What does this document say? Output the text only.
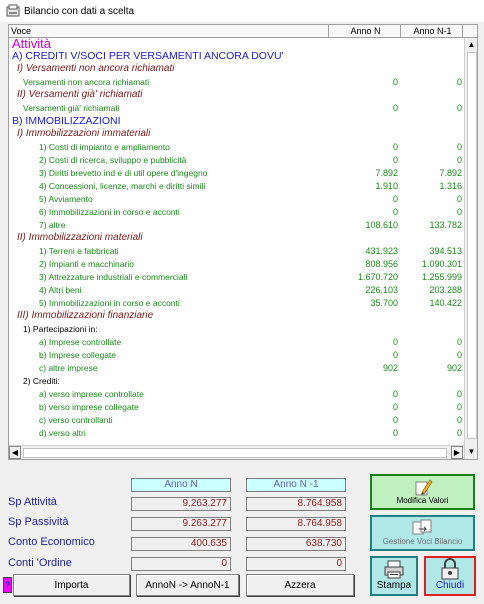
Bilancio con dati a scelta
Voce	Anno N	Anno N-1
Attività
A) CREDITI V/SOCI PER VERSAMENTI ANCORA DOVU'
I) Versamenti non ancora richiamati
Versamenti non ancora richiamati	0	0
II) Versamenti già' richiamati
Versamenti già' richiamati	0	0
B) IMMOBILIZZAZIONI
I) Immobilizzazioni immateriali
1) Costi di impianto e ampliamento	0	0
2) Costi di ricerca, sviluppo e pubblicità	0	0
3) Diritti brevetto ind e di util opere d'ingegno	7.892	7.892
4) Concessioni, licenze, marchi e diritti simili	1.910	1.316
5) Avviamento	0	0
6) Immobilizzazioni in corso e acconti	0	0
7) altre	108.610	133.782
II) Immobilizzazioni materiali
1) Terreni e fabbricati	431.923	394.513
2) Impianti e macchinario	808.956	1.090.301
3) Attrezzature industriali e commerciali	1.670.720	1.255.999
4) Altri beni	226.103	203.288
5) Immobilizzazioni in corso e acconti	35.700	140.422
III) Immobilizzazioni finanziarie
1) Partecipazioni in:
a) Imprese controllate	0	0
b) Imprese collegate	0	0
c) altre imprese	902	902
2) Crediti:
a) verso imprese controllate	0	0
b) verso imprese collegate	0	0
c) verso controllanti	0	0
d) verso altri	0	0
▲
▼
◀	▶
Anno N	Anno N -1
Sp Attività	9.263.277	8.764.958
Sp Passività	9.263.277	8.764.958
Conto Economico	400.635	638.730
Conti 'Ordine	0	0
?	Importa	AnnoN -> AnnoN-1	Azzera
Modifica Valori
Gestione Voci Bilancio
Stampa Chiudi
